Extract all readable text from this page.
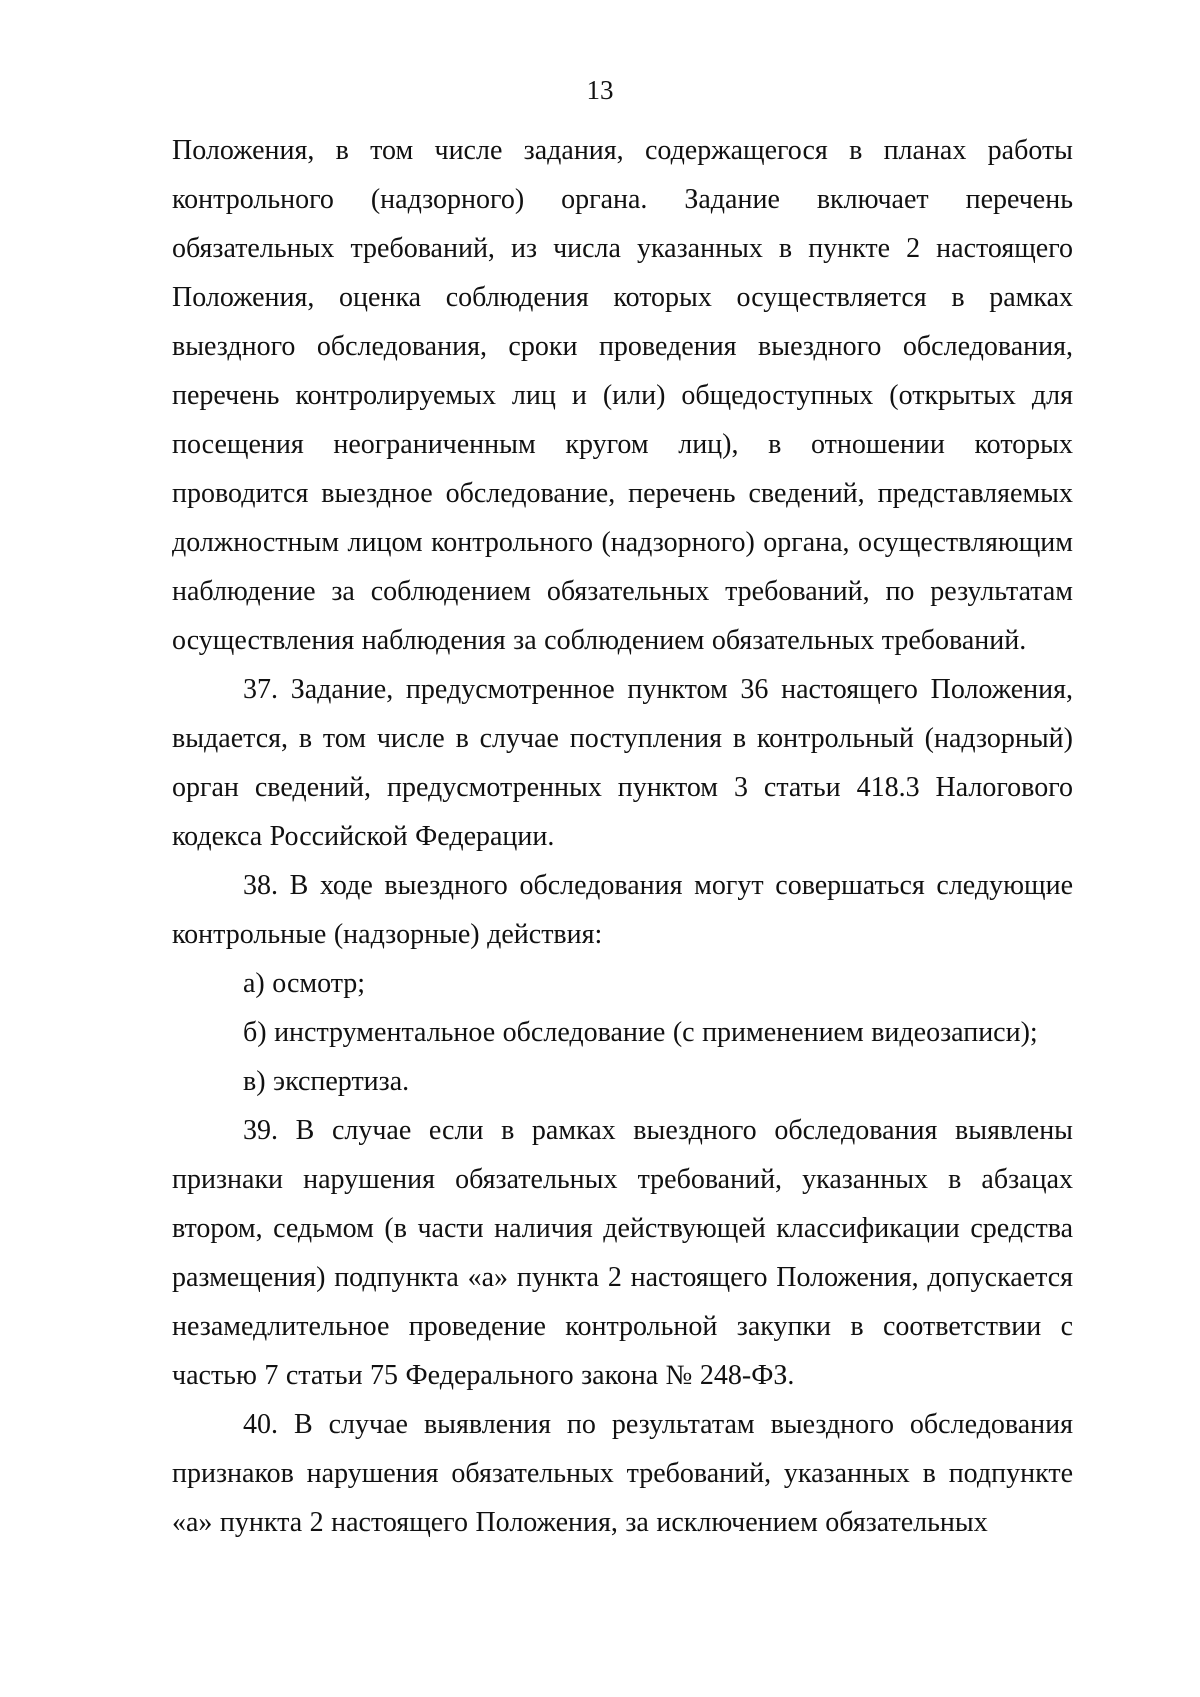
13

Положения, в том числе задания, содержащегося в планах работы контрольного (надзорного) органа. Задание включает перечень обязательных требований, из числа указанных в пункте 2 настоящего Положения, оценка соблюдения которых осуществляется в рамках выездного обследования, сроки проведения выездного обследования, перечень контролируемых лиц и (или) общедоступных (открытых для посещения неограниченным кругом лиц), в отношении которых проводится выездное обследование, перечень сведений, представляемых должностным лицом контрольного (надзорного) органа, осуществляющим наблюдение за соблюдением обязательных требований, по результатам осуществления наблюдения за соблюдением обязательных требований.

37. Задание, предусмотренное пунктом 36 настоящего Положения, выдается, в том числе в случае поступления в контрольный (надзорный) орган сведений, предусмотренных пунктом 3 статьи 418.3 Налогового кодекса Российской Федерации.

38. В ходе выездного обследования могут совершаться следующие контрольные (надзорные) действия:

а) осмотр;

б) инструментальное обследование (с применением видеозаписи);

в) экспертиза.

39. В случае если в рамках выездного обследования выявлены признаки нарушения обязательных требований, указанных в абзацах втором, седьмом (в части наличия действующей классификации средства размещения) подпункта «а» пункта 2 настоящего Положения, допускается незамедлительное проведение контрольной закупки в соответствии с частью 7 статьи 75 Федерального закона № 248-ФЗ.

40. В случае выявления по результатам выездного обследования признаков нарушения обязательных требований, указанных в подпункте «а» пункта 2 настоящего Положения, за исключением обязательных
